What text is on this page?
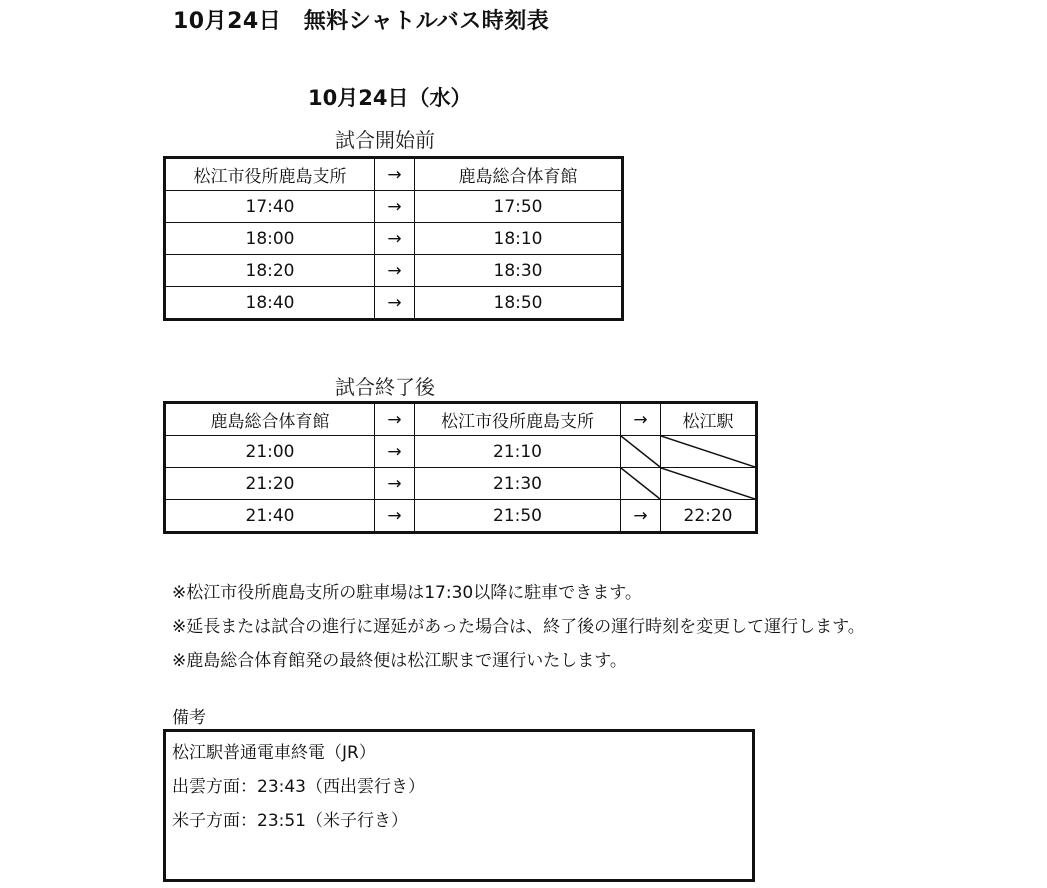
10月24日　無料シャトルバス時刻表
10月24日（水）
試合開始前
松江市役所鹿島支所	→	鹿島総合体育館
17:40	→	17:50
18:00	→	18:10
18:20	→	18:30
18:40	→	18:50
試合終了後
鹿島総合体育館	→	松江市役所鹿島支所	→	松江駅
21:00	→	21:10	

21:20	→	21:30	

21:40	→	21:50	→	22:20
※松江市役所鹿島支所の駐車場は17:30以降に駐車できます。
※延長または試合の進行に遅延があった場合は、終了後の運行時刻を変更して運行します。
※鹿島総合体育館発の最終便は松江駅まで運行いたします。
備考
松江駅普通電車終電（JR）
出雲方面：23:43（西出雲行き）
米子方面：23:51（米子行き）
